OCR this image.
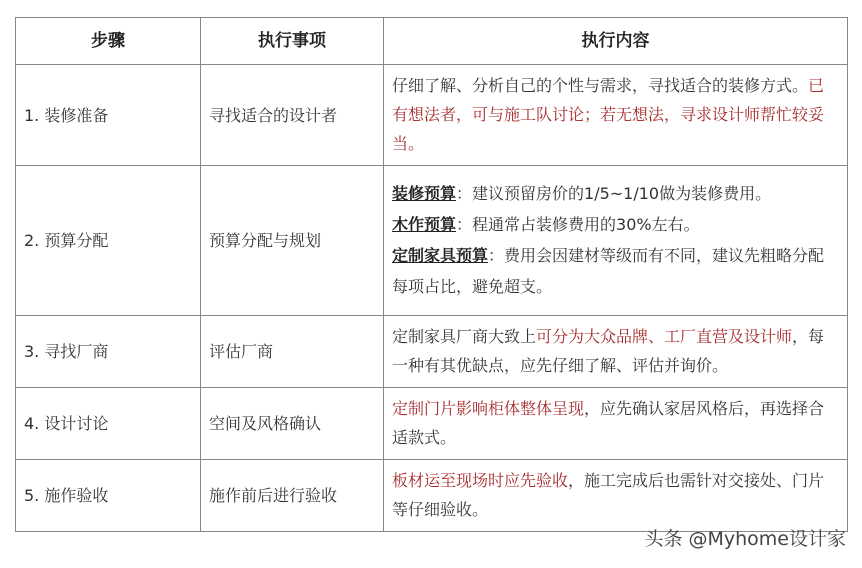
步骤	执行事项	执行内容
1. 装修准备	寻找适合的设计者	仔细了解、分析自己的个性与需求，寻找适合的装修方式。已有想法者，可与施工队讨论；若无想法，寻求设计师帮忙较妥当。
2. 预算分配	预算分配与规划	装修预算：建议预留房价的1/5~1/10做为装修费用。
木作预算：程通常占装修费用的30%左右。
定制家具预算：费用会因建材等级而有不同，建议先粗略分配每项占比，避免超支。

3. 寻找厂商	评估厂商	定制家具厂商大致上可分为大众品牌、工厂直营及设计师，每一种有其优缺点，应先仔细了解、评估并询价。
4. 设计讨论	空间及风格确认	定制门片影响柜体整体呈现，应先确认家居风格后，再选择合适款式。
5. 施作验收	施作前后进行验收	板材运至现场时应先验收，施工完成后也需针对交接处、门片等仔细验收。
头条 @Myhome设计家
